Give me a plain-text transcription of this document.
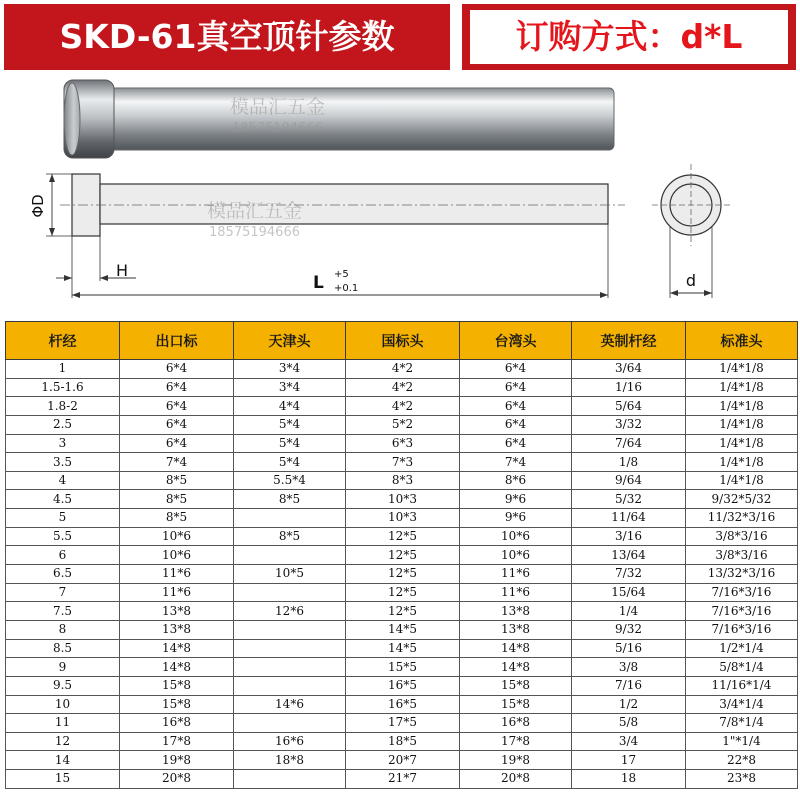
SKD-61真空顶针参数	订购方式：d*L
ΦD
H
L +5
+0.1	d
模品汇五金
18575194666
模品汇五金
18575194666
杆经	出口标	天津头	国标头	台湾头	英制杆经	标准头
1	6*4	3*4	4*2	6*4	3/64	1/4*1/8
1.5-1.6	6*4	3*4	4*2	6*4	1/16	1/4*1/8
1.8-2	6*4	4*4	4*2	6*4	5/64	1/4*1/8
2.5	6*4	5*4	5*2	6*4	3/32	1/4*1/8
3	6*4	5*4	6*3	6*4	7/64	1/4*1/8
3.5	7*4	5*4	7*3	7*4	1/8	1/4*1/8
4	8*5	5.5*4	8*3	8*6	9/64	1/4*1/8
4.5	8*5	8*5	10*3	9*6	5/32	9/32*5/32
5	8*5		10*3	9*6	11/64	11/32*3/16
5.5	10*6	8*5	12*5	10*6	3/16	3/8*3/16
6	10*6		12*5	10*6	13/64	3/8*3/16
6.5	11*6	10*5	12*5	11*6	7/32	13/32*3/16
7	11*6		12*5	11*6	15/64	7/16*3/16
7.5	13*8	12*6	12*5	13*8	1/4	7/16*3/16
8	13*8		14*5	13*8	9/32	7/16*3/16
8.5	14*8		14*5	14*8	5/16	1/2*1/4
9	14*8		15*5	14*8	3/8	5/8*1/4
9.5	15*8		16*5	15*8	7/16	11/16*1/4
10	15*8	14*6	16*5	15*8	1/2	3/4*1/4
11	16*8		17*5	16*8	5/8	7/8*1/4
12	17*8	16*6	18*5	17*8	3/4	1"*1/4
14	19*8	18*8	20*7	19*8	17	22*8
15	20*8		21*7	20*8	18	23*8
